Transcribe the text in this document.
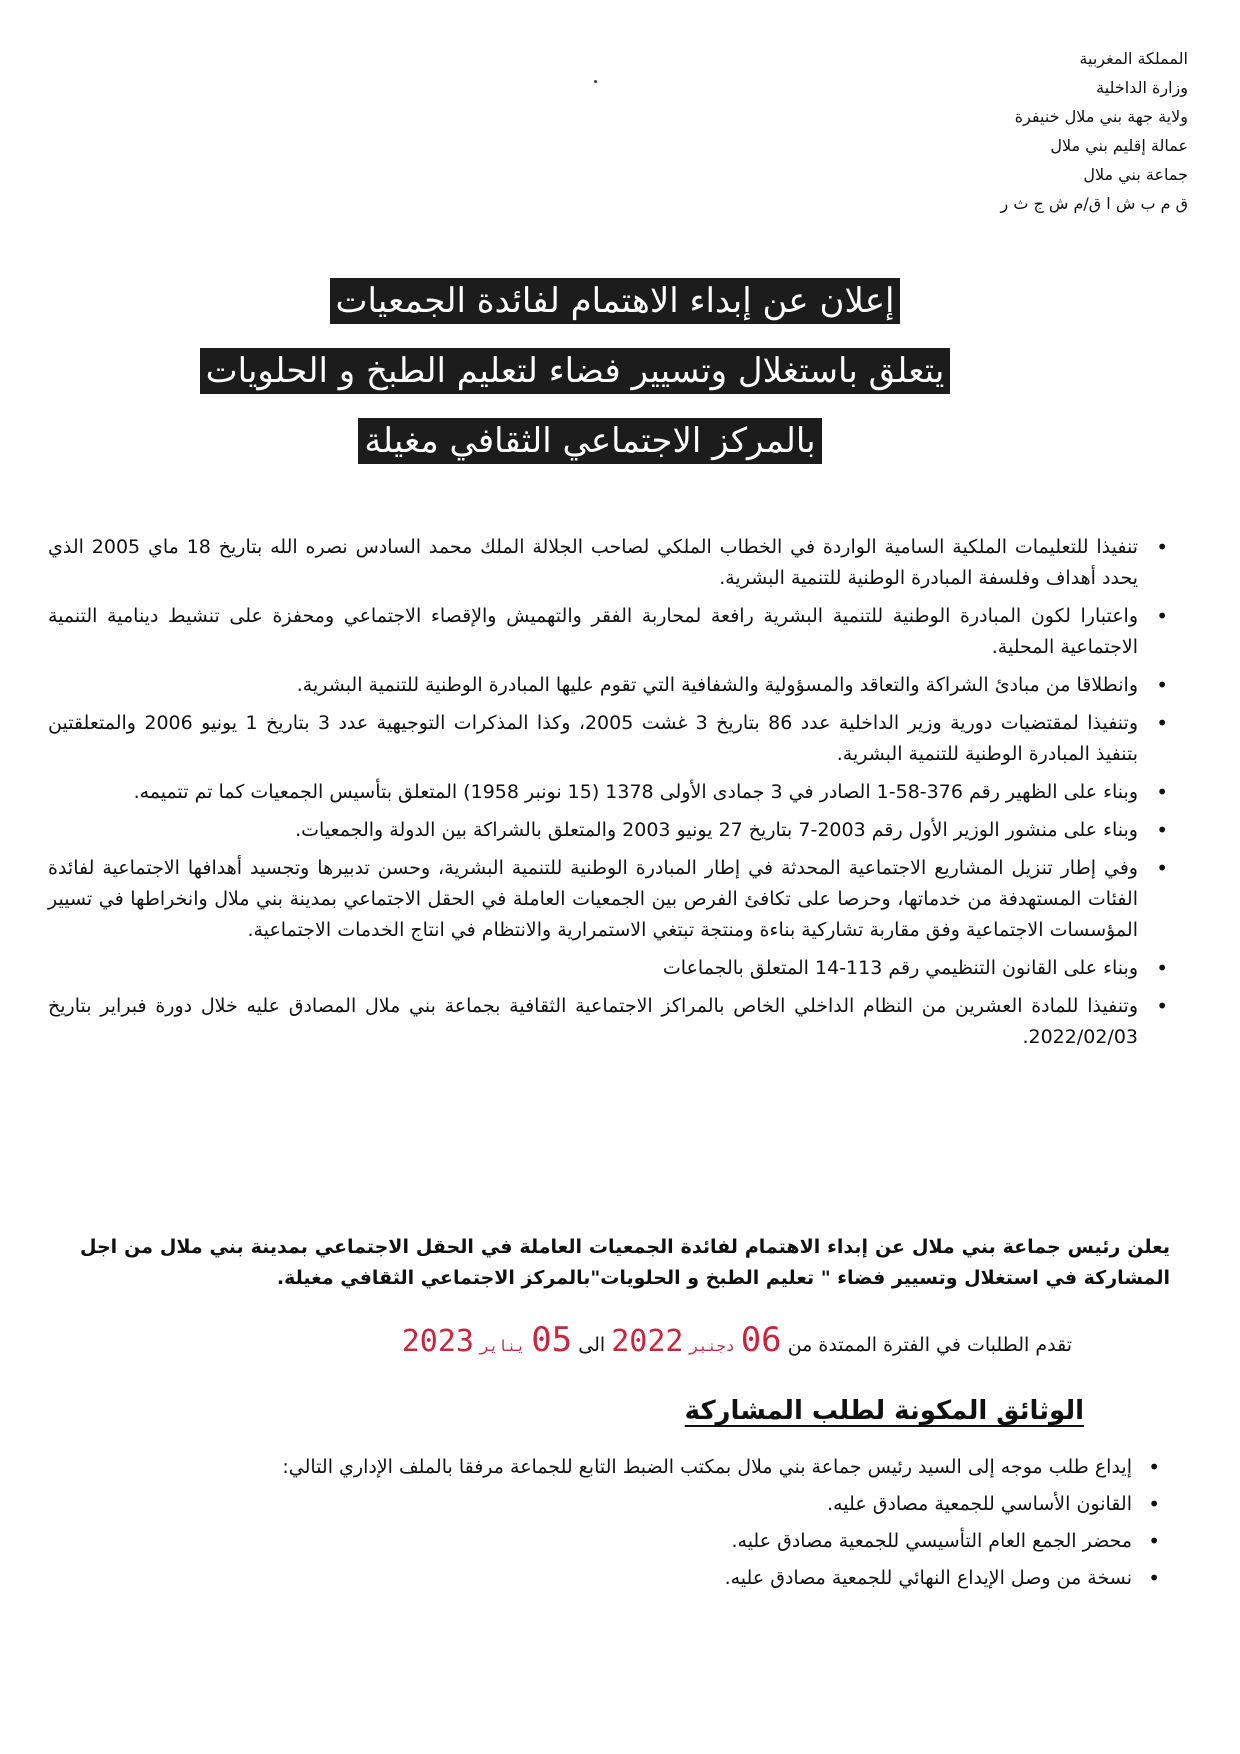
المملكة المغربية
وزارة الداخلية
ولاية جهة بني ملال خنيفرة
عمالة إقليم بني ملال
جماعة بني ملال
ق م ب ش ا ق/م ش ج ث ر
إعلان عن إبداء الاهتمام لفائدة الجمعيات
يتعلق باستغلال وتسيير فضاء لتعليم الطبخ و الحلويات
بالمركز الاجتماعي الثقافي مغيلة
• تنفيذا للتعليمات الملكية السامية الواردة في الخطاب الملكي لصاحب الجلالة الملك محمد السادس نصره الله بتاريخ 18 ماي 2005 الذي يحدد أهداف وفلسفة المبادرة الوطنية للتنمية البشرية.
• واعتبارا لكون المبادرة الوطنية للتنمية البشرية رافعة لمحاربة الفقر والتهميش والإقصاء الاجتماعي ومحفزة على تنشيط دينامية التنمية الاجتماعية المحلية.
• وانطلاقا من مبادئ الشراكة والتعاقد والمسؤولية والشفافية التي تقوم عليها المبادرة الوطنية للتنمية البشرية.
• وتنفيذا لمقتضيات دورية وزير الداخلية عدد 86 بتاريخ 3 غشت 2005، وكذا المذكرات التوجيهية عدد 3 بتاريخ 1 يونيو 2006 والمتعلقتين بتنفيذ المبادرة الوطنية للتنمية البشرية.
• وبناء على الظهير رقم 376-58-1 الصادر في 3 جمادى الأولى 1378 (15 نونبر 1958) المتعلق بتأسيس الجمعيات كما تم تتميمه.
• وبناء على منشور الوزير الأول رقم 2003-7 بتاريخ 27 يونيو 2003 والمتعلق بالشراكة بين الدولة والجمعيات.
• وفي إطار تنزيل المشاريع الاجتماعية المحدثة في إطار المبادرة الوطنية للتنمية البشرية، وحسن تدبيرها وتجسيد أهدافها الاجتماعية لفائدة الفئات المستهدفة من خدماتها، وحرصا على تكافئ الفرص بين الجمعيات العاملة في الحقل الاجتماعي بمدينة بني ملال وانخراطها في تسيير المؤسسات الاجتماعية وفق مقاربة تشاركية بناءة ومنتجة تبتغي الاستمرارية والانتظام في انتاج الخدمات الاجتماعية.
• وبناء على القانون التنظيمي رقم 113-14 المتعلق بالجماعات
• وتنفيذا للمادة العشرين من النظام الداخلي الخاص بالمراكز الاجتماعية الثقافية بجماعة بني ملال المصادق عليه خلال دورة فبراير بتاريخ 2022/02/03.

يعلن رئيس جماعة بني ملال عن إبداء الاهتمام لفائدة الجمعيات العاملة في الحقل الاجتماعي بمدينة بني ملال من اجل المشاركة في استغلال وتسيير فضاء " تعليم الطبخ و الحلويات"بالمركز الاجتماعي الثقافي مغيلة.

تقدم الطلبات في الفترة الممتدة من 06 دجنبر 2022 الى 05 يناير 2023
الوثائق المكونة لطلب المشاركة
• إيداع طلب موجه إلى السيد رئيس جماعة بني ملال بمكتب الضبط التابع للجماعة مرفقا بالملف الإداري التالي:
• القانون الأساسي للجمعية مصادق عليه.
• محضر الجمع العام التأسيسي للجمعية مصادق عليه.
• نسخة من وصل الإيداع النهائي للجمعية مصادق عليه.
